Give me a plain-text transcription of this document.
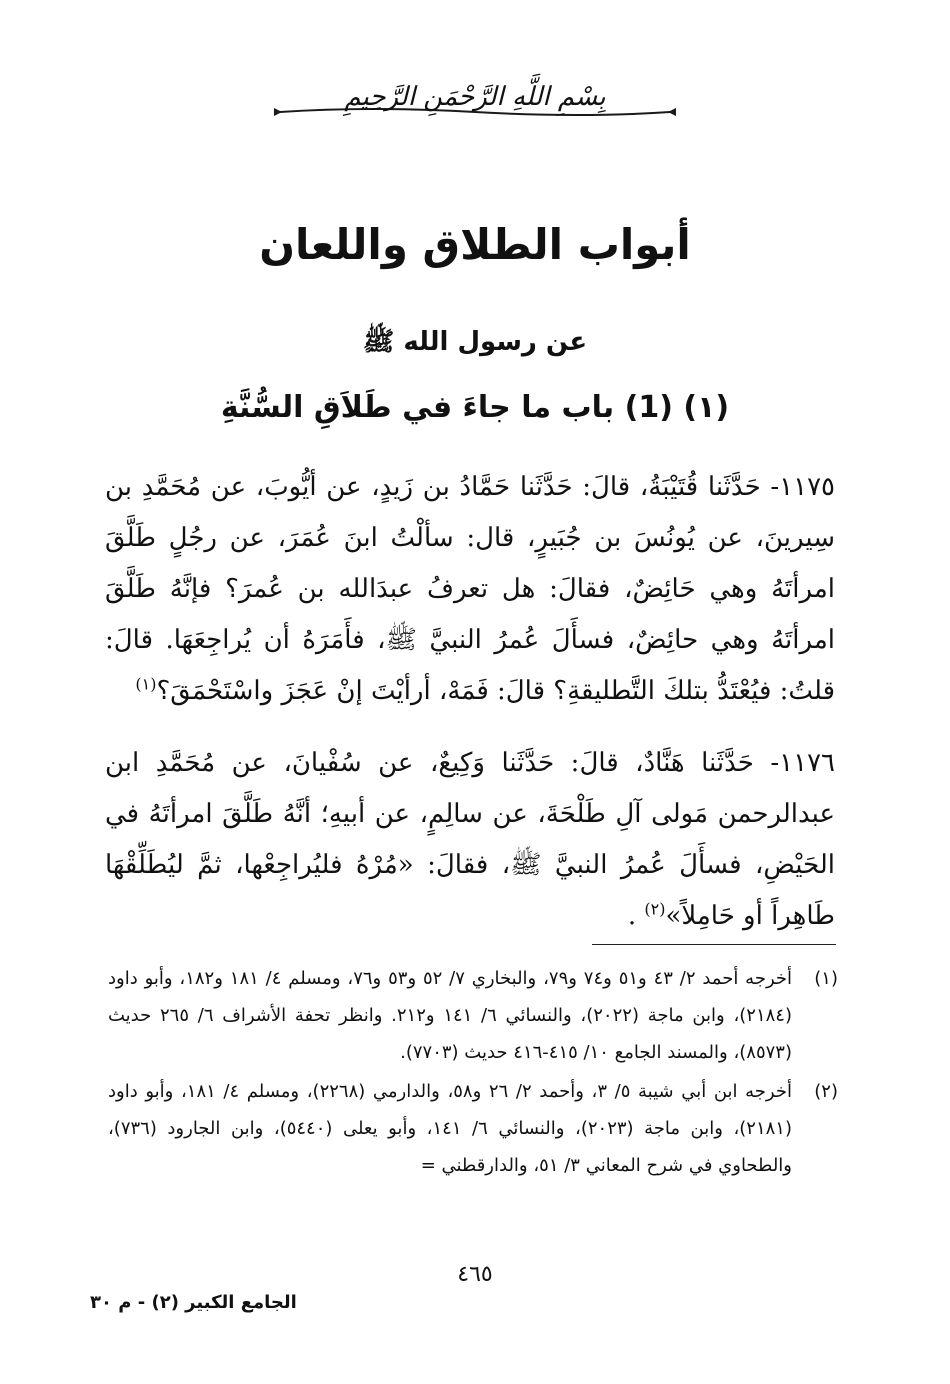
بِسْمِ اللَّهِ الرَّحْمَنِ الرَّحِيمِ
أبواب الطلاق واللعان
عن رسول الله ﷺ
(١) (1) باب ما جاءَ في طَلاَقِ السُّنَّةِ
١١٧٥- حَدَّثَنا قُتَيْبَةُ، قالَ: حَدَّثَنا حَمَّادُ بن زَيدٍ، عن أيُّوبَ، عن مُحَمَّدِ بن سِيرينَ، عن يُونُسَ بن جُبَيرٍ، قال: سألْتُ ابنَ عُمَرَ، عن رجُلٍ طَلَّقَ امرأتَهُ وهي حَائِضٌ، فقالَ: هل تعرفُ عبدَالله بن عُمرَ؟ فإنَّهُ طَلَّقَ امرأتَهُ وهي حائِضٌ، فسأَلَ عُمرُ النبيَّ ﷺ، فأَمَرَهُ أن يُراجِعَهَا. قالَ: قلتُ: فيُعْتَدُّ بتلكَ التَّطليقةِ؟ قالَ: فَمَهْ، أرأيْتَ إنْ عَجَزَ واسْتَحْمَقَ؟$^{(١)}$
١١٧٦- حَدَّثَنا هَنَّادٌ، قالَ: حَدَّثَنا وَكِيعٌ، عن سُفْيانَ، عن مُحَمَّدِ ابن عبدالرحمن مَولى آلِ طَلْحَةَ، عن سالِمٍ، عن أبيهِ؛ أنَّهُ طَلَّقَ امرأتَهُ في الحَيْضِ، فسأَلَ عُمرُ النبيَّ ﷺ، فقالَ: «مُرْهُ فليُراجِعْها، ثمَّ ليُطَلِّقْهَا طَاهِراً أو حَامِلاً»$^{(٢)}$ .
(١)
أخرجه أحمد ٢/ ٤٣ و٥١ و٧٤ و٧٩، والبخاري ٧/ ٥٢ و٥٣ و٧٦، ومسلم ٤/ ١٨١ و١٨٢، وأبو داود (٢١٨٤)، وابن ماجة (٢٠٢٢)، والنسائي ٦/ ١٤١ و٢١٢. وانظر تحفة الأشراف ٦/ ٢٦٥ حديث (٨٥٧٣)، والمسند الجامع ١٠/ ٤١٥-٤١٦ حديث (٧٧٠٣).
(٢)
أخرجه ابن أبي شيبة ٥/ ٣، وأحمد ٢/ ٢٦ و٥٨، والدارمي (٢٢٦٨)، ومسلم ٤/ ١٨١، وأبو داود (٢١٨١)، وابن ماجة (٢٠٢٣)، والنسائي ٦/ ١٤١، وأبو يعلى (٥٤٤٠)، وابن الجارود (٧٣٦)، والطحاوي في شرح المعاني ٣/ ٥١، والدارقطني =
٤٦٥
الجامع الكبير (٢) - م ٣٠
